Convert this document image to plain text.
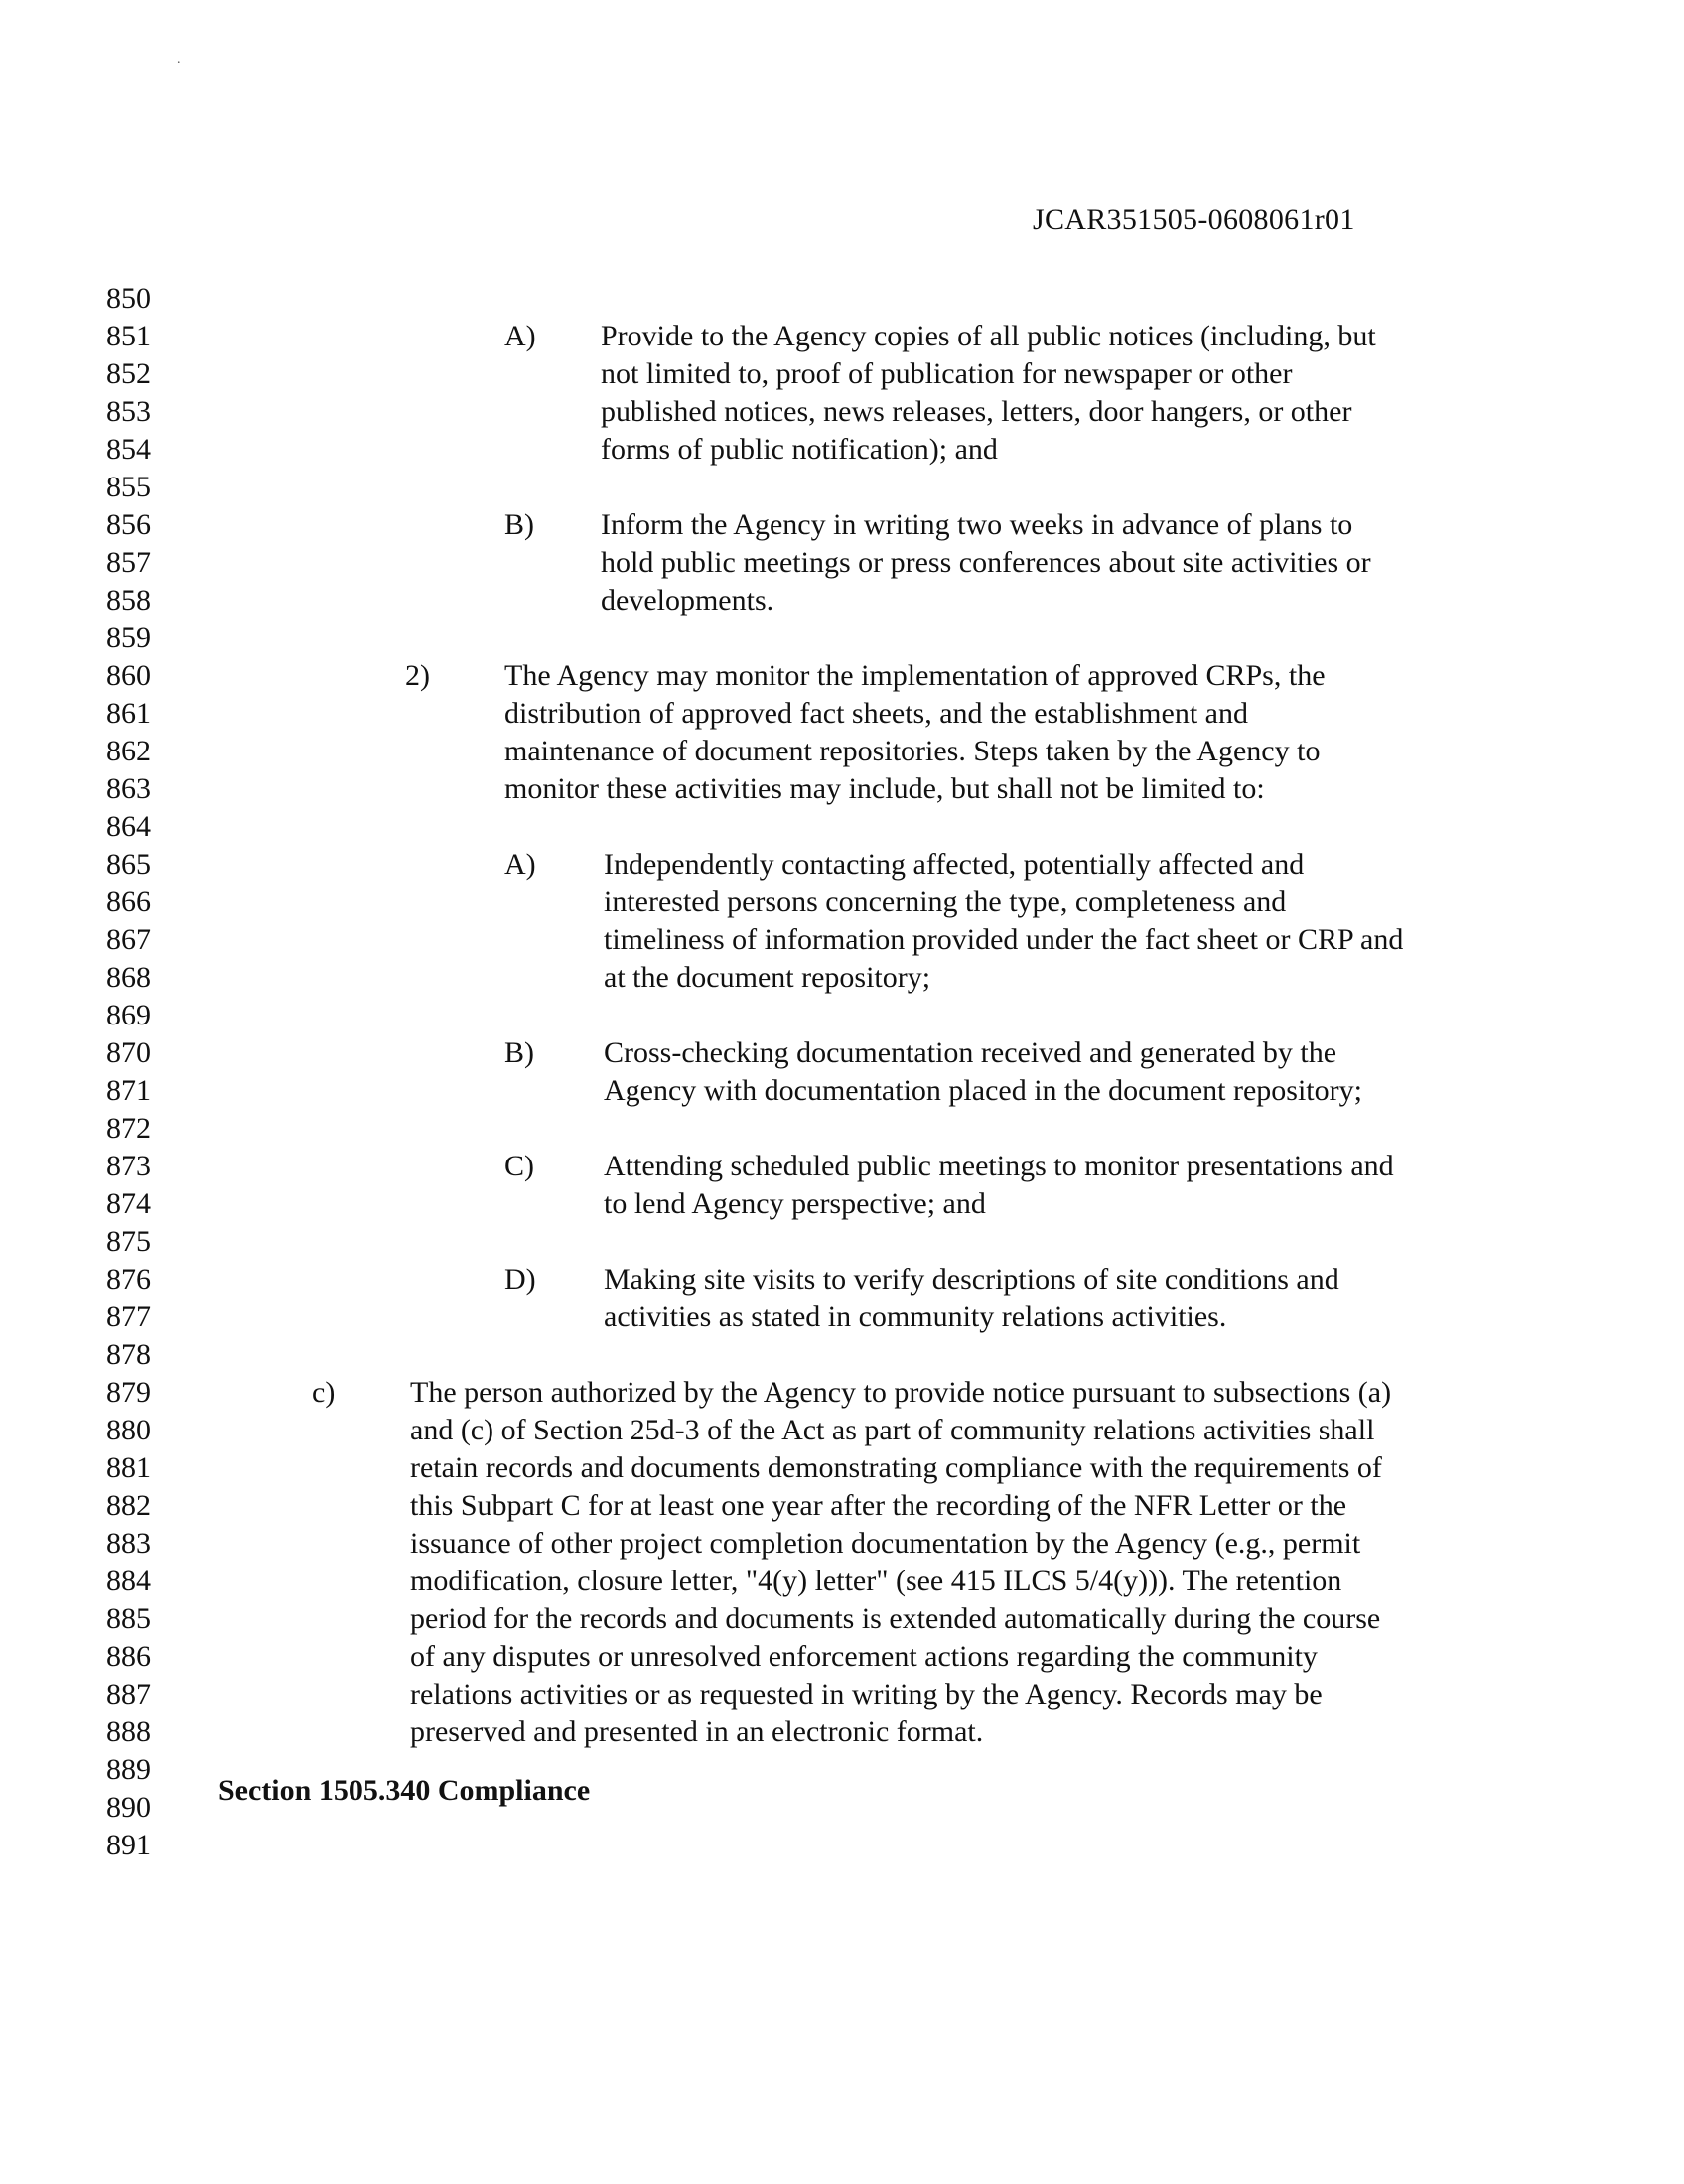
.
JCAR351505-0608061r01
850
851
852
853
854
855
856
857
858
859
860
861
862
863
864
865
866
867
868
869
870
871
872
873
874
875
876
877
878
879
880
881
882
883
884
885
886
887
888
889
890
891
A) Provide to the Agency copies of all public notices (including, but
not limited to, proof of publication for newspaper or other
published notices, news releases, letters, door hangers, or other
forms of public notification); and
B) Inform the Agency in writing two weeks in advance of plans to
hold public meetings or press conferences about site activities or
developments.
2)	The Agency may monitor the implementation of approved CRPs, the
distribution of approved fact sheets, and the establishment and
maintenance of document repositories. Steps taken by the Agency to
monitor these activities may include, but shall not be limited to:
A) Independently contacting affected, potentially affected and
interested persons concerning the type, completeness and
timeliness of information provided under the fact sheet or CRP and
at the document repository;
B) Cross-checking documentation received and generated by the
Agency with documentation placed in the document repository;
C) Attending scheduled public meetings to monitor presentations and
to lend Agency perspective; and
D) Making site visits to verify descriptions of site conditions and
activities as stated in community relations activities.
c)	The person authorized by the Agency to provide notice pursuant to subsections (a)
and (c) of Section 25d-3 of the Act as part of community relations activities shall
retain records and documents demonstrating compliance with the requirements of
this Subpart C for at least one year after the recording of the NFR Letter or the
issuance of other project completion documentation by the Agency (e.g., permit
modification, closure letter, "4(y) letter" (see 415 ILCS 5/4(y))). The retention
period for the records and documents is extended automatically during the course
of any disputes or unresolved enforcement actions regarding the community
relations activities or as requested in writing by the Agency. Records may be
preserved and presented in an electronic format.
Section 1505.340 Compliance
